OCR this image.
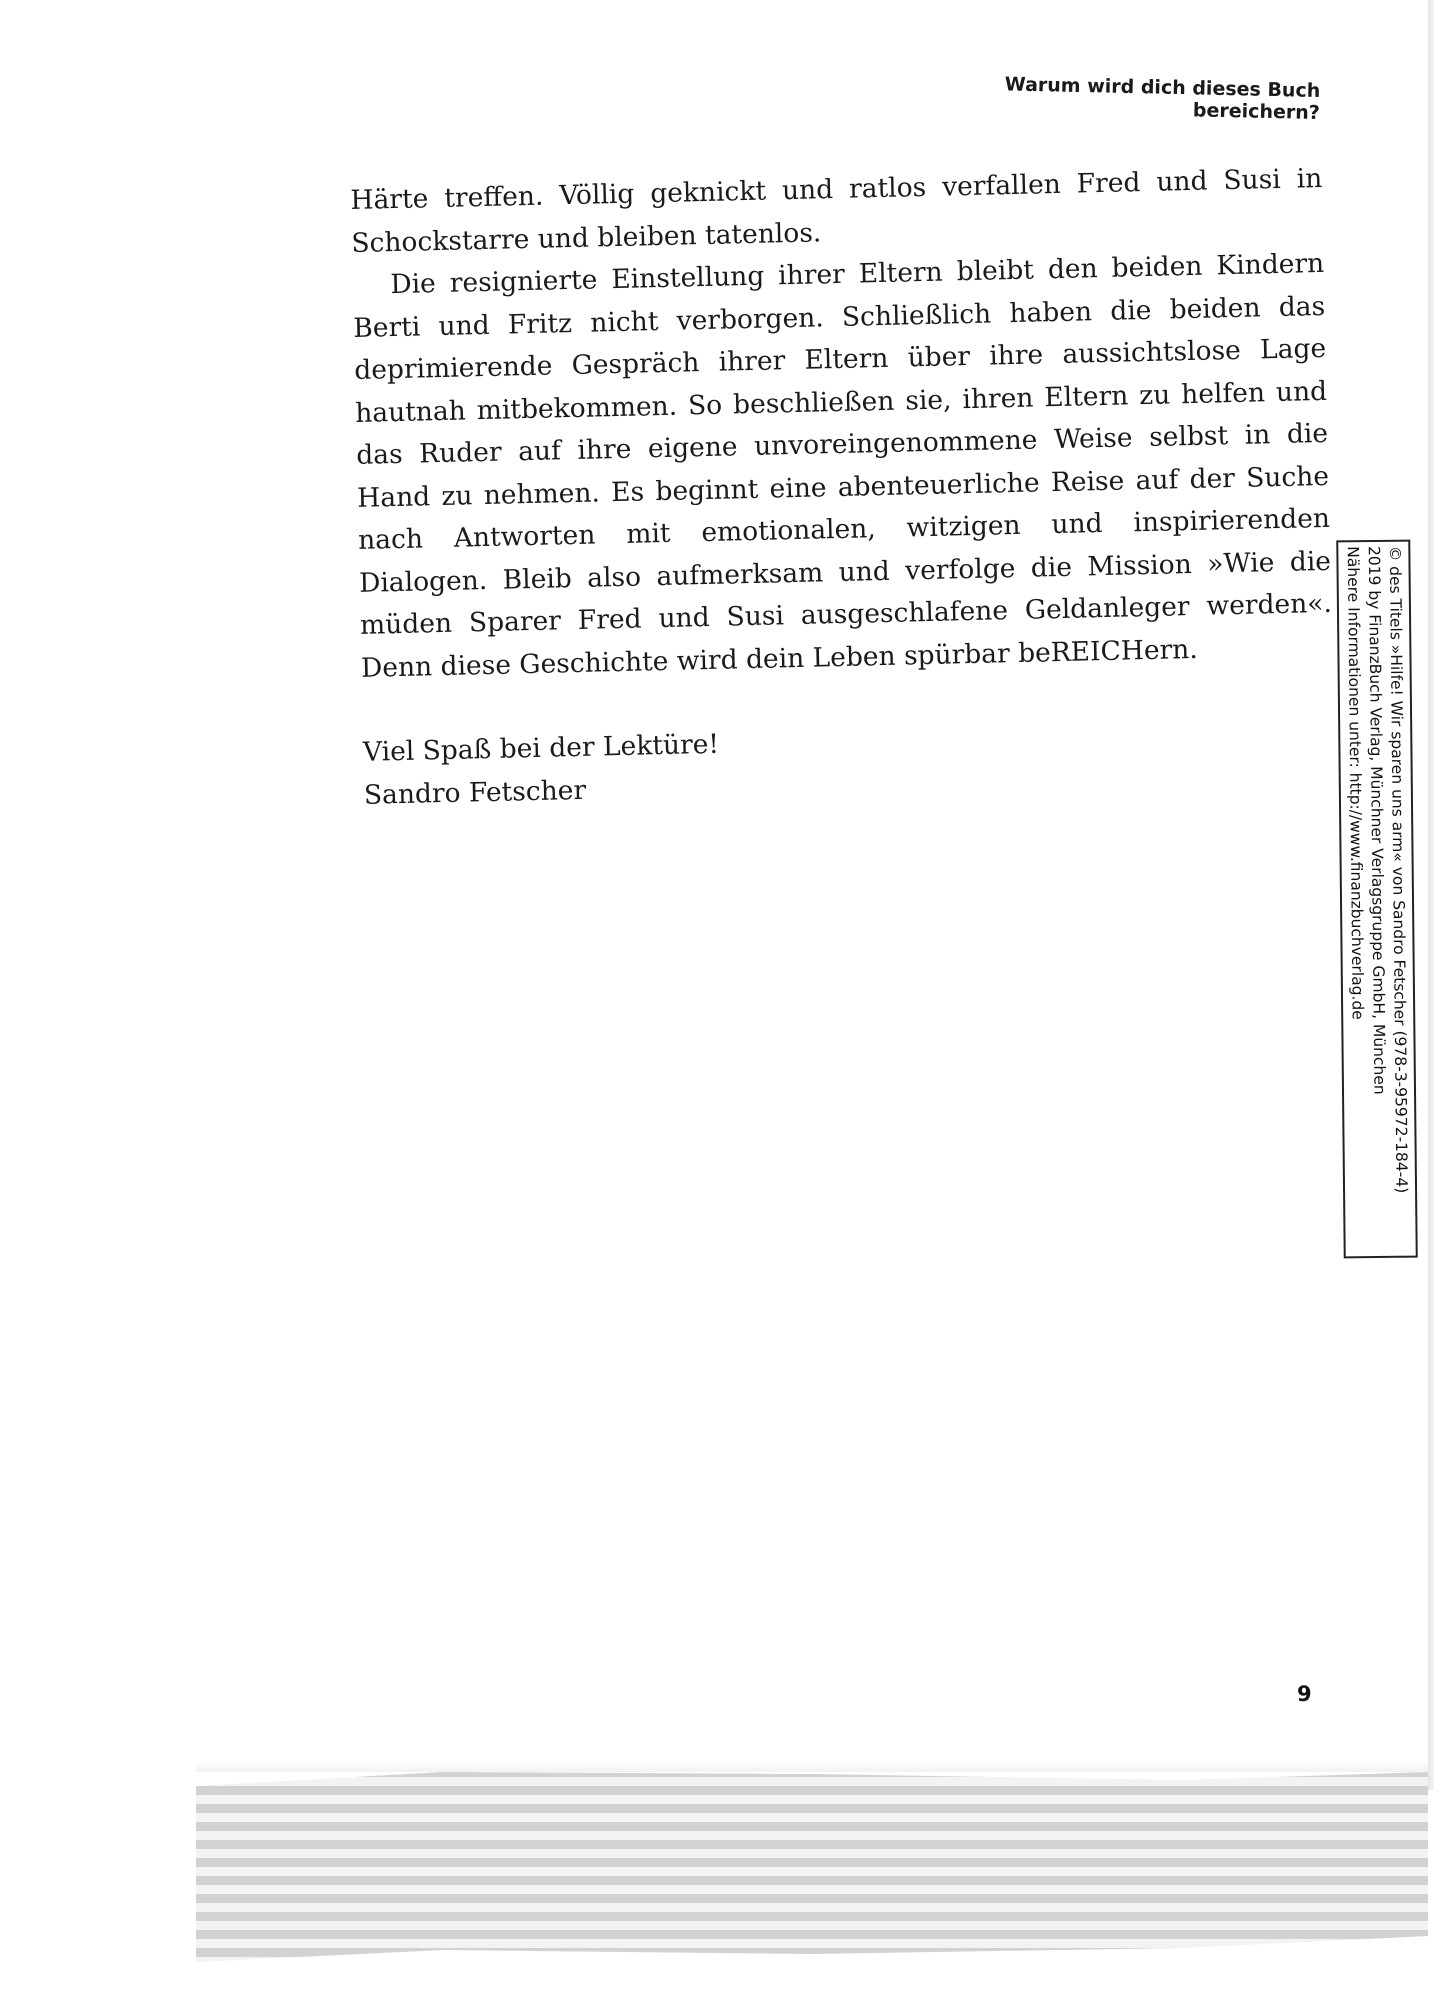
Warum wird dich dieses Buch bereichern?

Härte treffen. Völlig geknickt und ratlos verfallen Fred und Susi in Schockstarre und bleiben tatenlos.

Die resignierte Einstellung ihrer Eltern bleibt den beiden Kindern Berti und Fritz nicht verborgen. Schließlich haben die beiden das deprimierende Gespräch ihrer Eltern über ihre aussichtslose Lage hautnah mitbekommen. So beschließen sie, ihren Eltern zu helfen und das Ruder auf ihre eigene unvoreingenommene Weise selbst in die Hand zu nehmen. Es beginnt eine abenteuerliche Reise auf der Suche nach Antworten mit emotionalen, witzigen und inspirierenden Dialogen. Bleib also aufmerksam und verfolge die Mission »Wie die müden Sparer Fred und Susi ausgeschlafene Geldanleger werden«. Denn diese Geschichte wird dein Leben spürbar beREICHern.

Viel Spaß bei der Lektüre!
Sandro Fetscher	© des Titels »Hilfe! Wir sparen uns arm« von Sandro Fetscher (978-3-95972-184-4)
2019 by FinanzBuch Verlag, Münchner Verlagsgruppe GmbH, München
Nähere Informationen unter: http://www.finanzbuchverlag.de
9
